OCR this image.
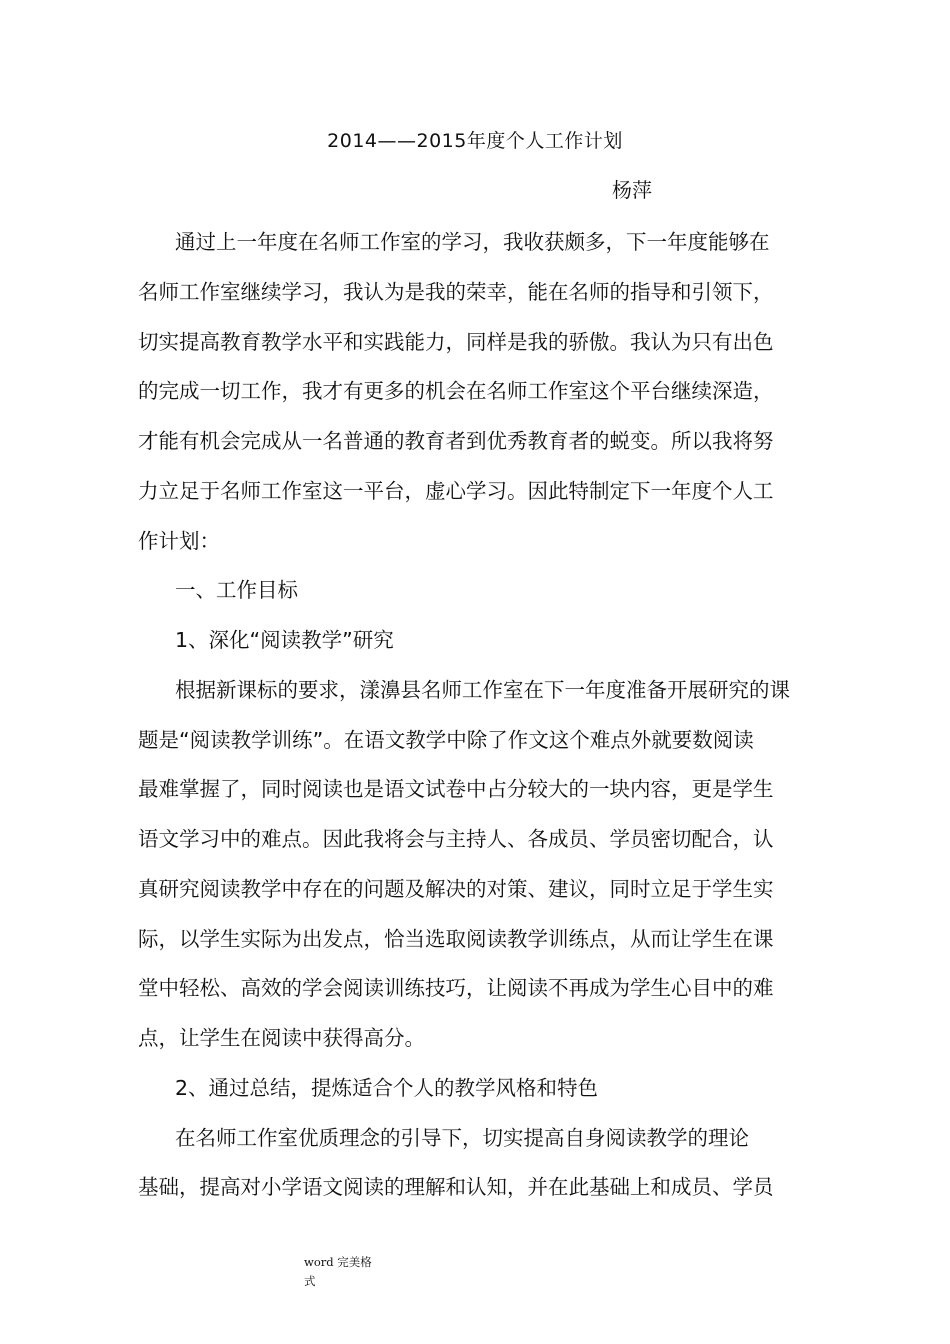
2014——2015年度个人工作计划
杨萍
通过上一年度在名师工作室的学习，我收获颇多，下一年度能够在
名师工作室继续学习，我认为是我的荣幸，能在名师的指导和引领下，
切实提高教育教学水平和实践能力，同样是我的骄傲。我认为只有出色
的完成一切工作，我才有更多的机会在名师工作室这个平台继续深造，
才能有机会完成从一名普通的教育者到优秀教育者的蜕变。所以我将努
力立足于名师工作室这一平台，虚心学习。因此特制定下一年度个人工
作计划：
一、工作目标
1、深化“阅读教学”研究
根据新课标的要求，漾濞县名师工作室在下一年度准备开展研究的课
题是“阅读教学训练”。在语文教学中除了作文这个难点外就要数阅读
最难掌握了，同时阅读也是语文试卷中占分较大的一块内容，更是学生
语文学习中的难点。因此我将会与主持人、各成员、学员密切配合，认
真研究阅读教学中存在的问题及解决的对策、建议，同时立足于学生实
际，以学生实际为出发点，恰当选取阅读教学训练点，从而让学生在课
堂中轻松、高效的学会阅读训练技巧，让阅读不再成为学生心目中的难
点，让学生在阅读中获得高分。
2、通过总结，提炼适合个人的教学风格和特色
在名师工作室优质理念的引导下，切实提高自身阅读教学的理论
基础，提高对小学语文阅读的理解和认知，并在此基础上和成员、学员
word 完美格
式
